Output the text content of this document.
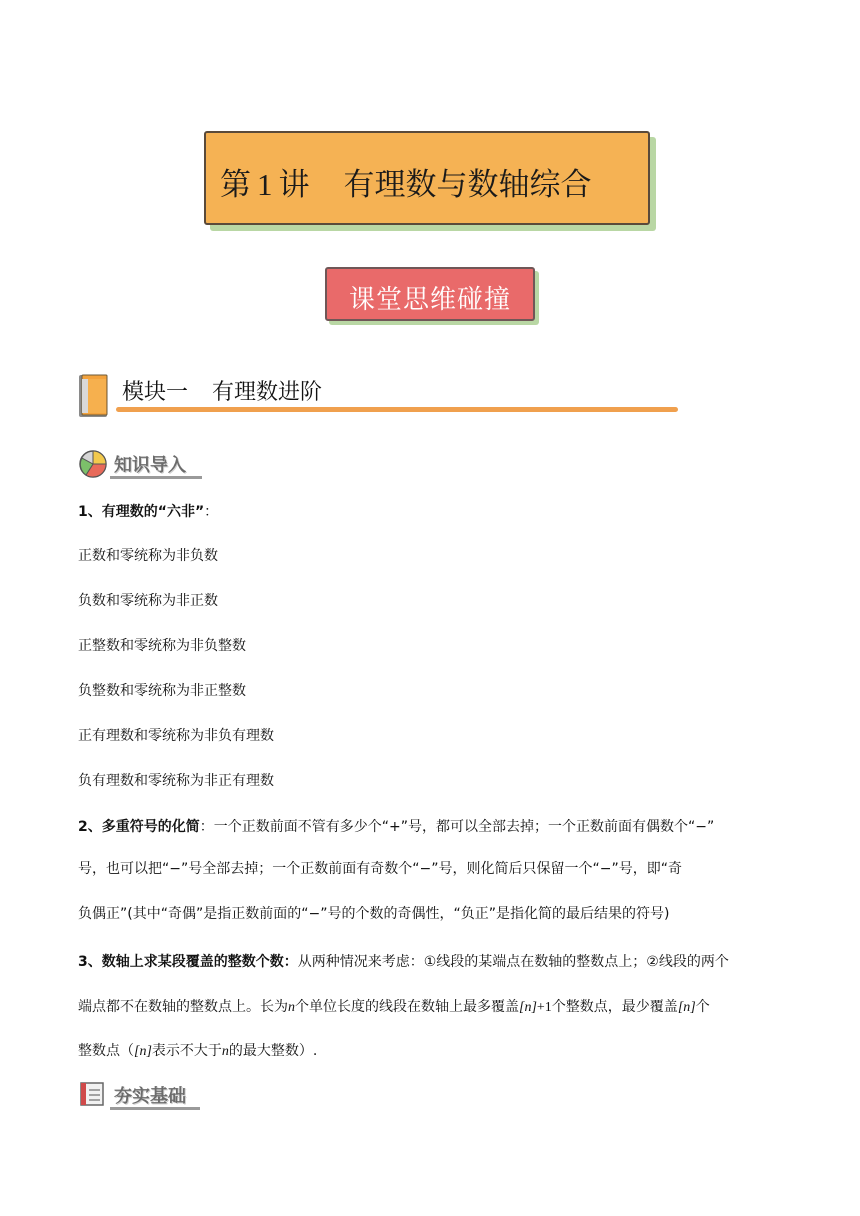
第 1 讲 有理数与数轴综合
课堂思维碰撞
模块一 有理数进阶
知识导入
1、有理数的“六非”：
正数和零统称为非负数
负数和零统称为非正数
正整数和零统称为非负整数
负整数和零统称为非正整数
正有理数和零统称为非负有理数
负有理数和零统称为非正有理数
2、多重符号的化简：一个正数前面不管有多少个“+”号，都可以全部去掉；一个正数前面有偶数个“−”
号，也可以把“−”号全部去掉；一个正数前面有奇数个“−”号，则化简后只保留一个“−”号，即“奇
负偶正”(其中“奇偶”是指正数前面的“−”号的个数的奇偶性，“负正”是指化简的最后结果的符号)
3、数轴上求某段覆盖的整数个数：从两种情况来考虑：①线段的某端点在数轴的整数点上；②线段的两个
端点都不在数轴的整数点上。长为n个单位长度的线段在数轴上最多覆盖[n]+1个整数点，最少覆盖[n]个
整数点（[n]表示不大于n的最大整数）.
夯实基础
